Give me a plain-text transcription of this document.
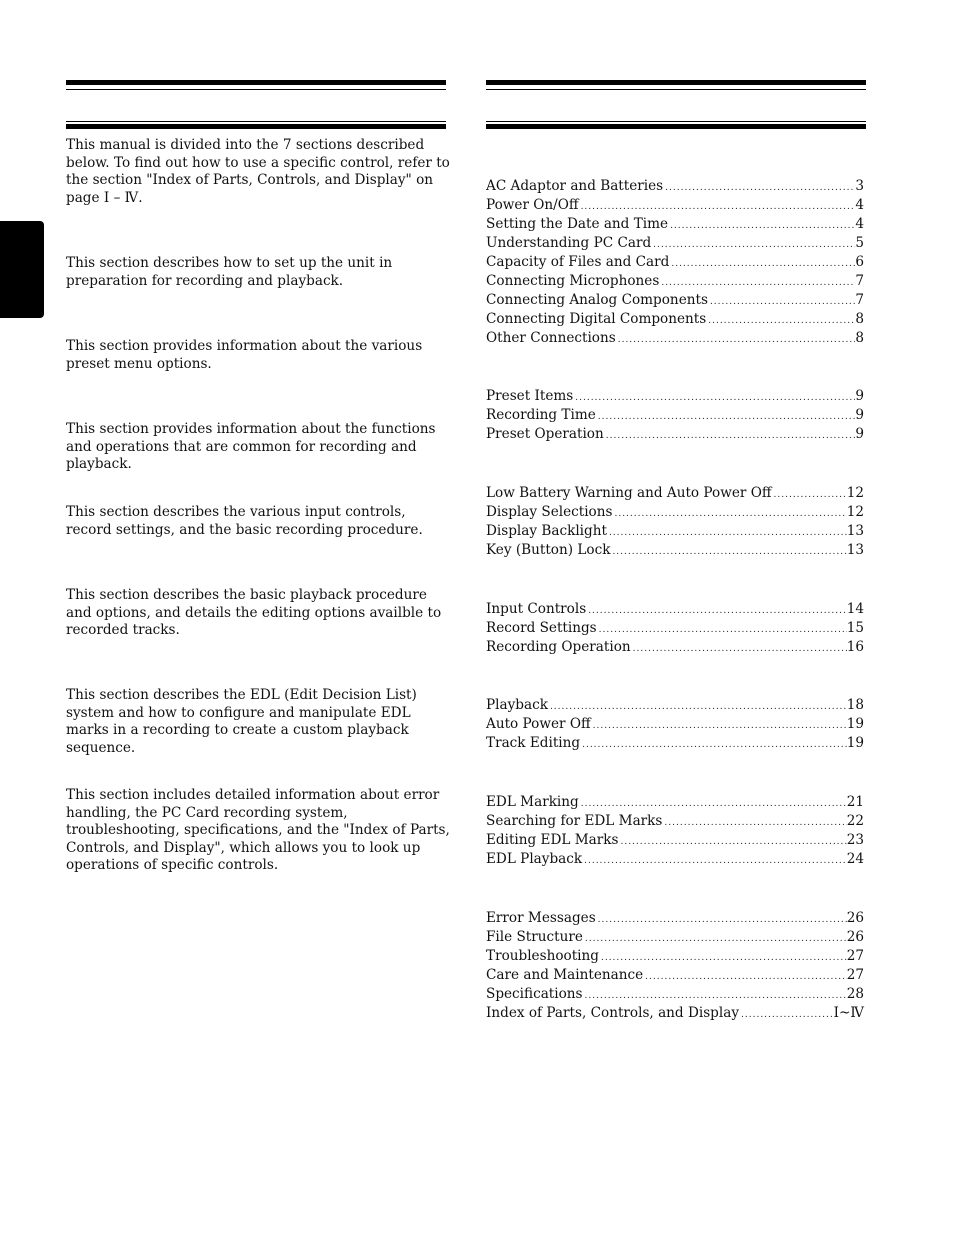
This manual is divided into the 7 sections described below. To find out how to use a specific control, refer to the section "Index of Parts, Controls, and Display" on page Ⅰ – Ⅳ.

This section describes how to set up the unit in preparation for recording and playback.

This section provides information about the various preset menu options.

This section provides information about the functions and operations that are common for recording and playback.

This section describes the various input controls, record settings, and the basic recording procedure.

This section describes the basic playback procedure and options, and details the editing options availble to recorded tracks.

This section describes the EDL (Edit Decision List) system and how to configure and manipulate EDL marks in a recording to create a custom playback sequence.

This section includes detailed information about error handling, the PC Card recording system, troubleshooting, specifications, and the "Index of Parts, Controls, and Display", which allows you to look up operations of specific controls.

AC Adaptor and Batteries .....	3
Power On/Off .....	4
Setting the Date and Time .....	4
Understanding PC Card .....	5
Capacity of Files and Card .....	6
Connecting Microphones .....	7
Connecting Analog Components .....	7
Connecting Digital Components .....	8
Other Connections .....	8
Preset Items .....	9
Recording Time .....	9
Preset Operation .....	9
Low Battery Warning and Auto Power Off .....	12
Display Selections .....	12
Display Backlight .....	13
Key (Button) Lock .....	13
Input Controls .....	14
Record Settings .....	15
Recording Operation .....	16
Playback .....	18
Auto Power Off .....	19
Track Editing .....	19
EDL Marking .....	21
Searching for EDL Marks .....	22
Editing EDL Marks .....	23
EDL Playback .....	24
Error Messages .....	26
File Structure .....	26
Troubleshooting .....	27
Care and Maintenance .....	27
Specifications .....	28
Index of Parts, Controls, and Display .....	Ⅰ~Ⅳ
